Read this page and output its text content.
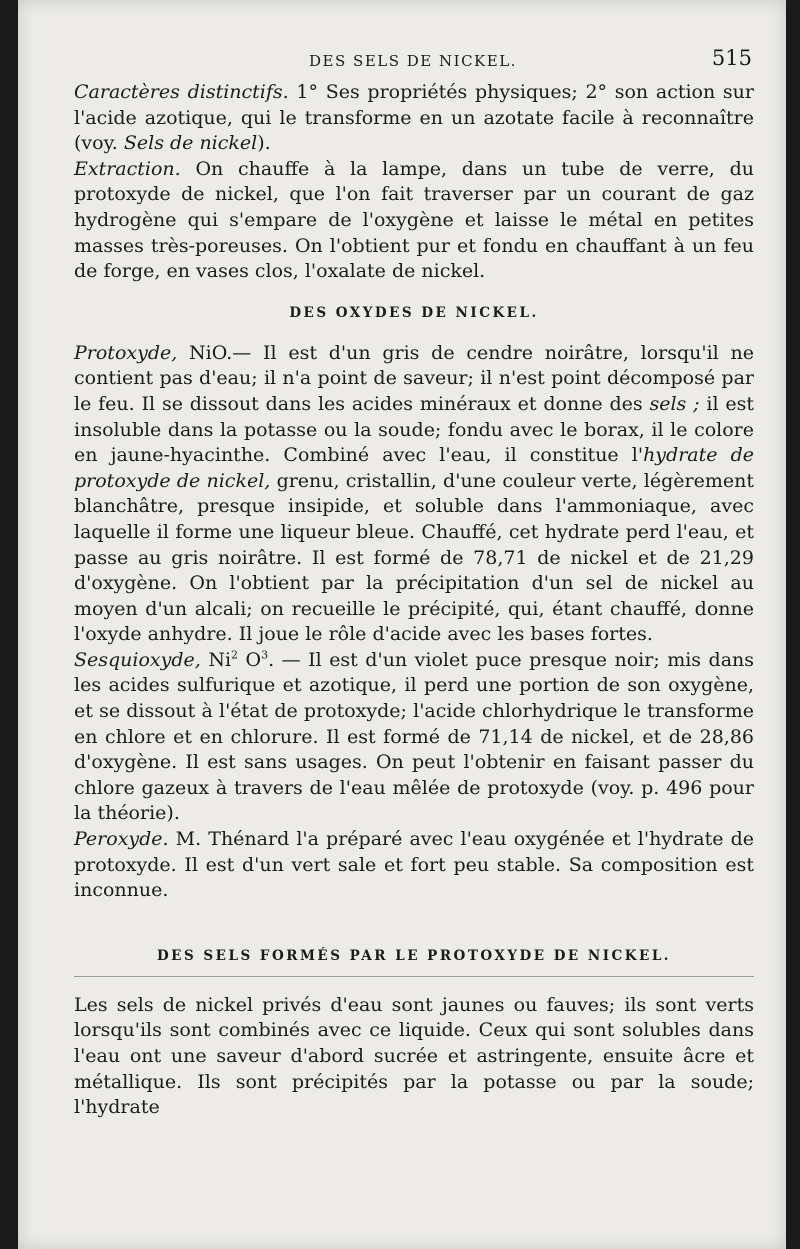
DES SELS DE NICKEL.	515

Caractères distinctifs. 1° Ses propriétés physiques; 2° son action sur l'acide azotique, qui le transforme en un azotate facile à reconnaître (voy. Sels de nickel).

Extraction. On chauffe à la lampe, dans un tube de verre, du protoxyde de nickel, que l'on fait traverser par un courant de gaz hydrogène qui s'empare de l'oxygène et laisse le métal en petites masses très-poreuses. On l'obtient pur et fondu en chauffant à un feu de forge, en vases clos, l'oxalate de nickel.

DES OXYDES DE NICKEL.

Protoxyde, NiO.— Il est d'un gris de cendre noirâtre, lorsqu'il ne contient pas d'eau; il n'a point de saveur; il n'est point décomposé par le feu. Il se dissout dans les acides minéraux et donne des sels ; il est insoluble dans la potasse ou la soude; fondu avec le borax, il le colore en jaune-hyacinthe. Combiné avec l'eau, il constitue l'hydrate de protoxyde de nickel, grenu, cristallin, d'une couleur verte, légèrement blanchâtre, presque insipide, et soluble dans l'ammoniaque, avec laquelle il forme une liqueur bleue. Chauffé, cet hydrate perd l'eau, et passe au gris noirâtre. Il est formé de 78,71 de nickel et de 21,29 d'oxygène. On l'obtient par la précipitation d'un sel de nickel au moyen d'un alcali; on recueille le précipité, qui, étant chauffé, donne l'oxyde anhydre. Il joue le rôle d'acide avec les bases fortes.

Sesquioxyde, Ni$^2$ $O^3$. — Il est d'un violet puce presque noir; mis dans les acides sulfurique et azotique, il perd une portion de son oxygène, et se dissout à l'état de protoxyde; l'acide chlorhydrique le transforme en chlore et en chlorure. Il est formé de 71,14 de nickel, et de 28,86 d'oxygène. Il est sans usages. On peut l'obtenir en faisant passer du chlore gazeux à travers de l'eau mêlée de protoxyde (voy. p. 496 pour la théorie).

Peroxyde. M. Thénard l'a préparé avec l'eau oxygénée et l'hydrate de protoxyde. Il est d'un vert sale et fort peu stable. Sa composition est inconnue.

DES SELS FORMÉS PAR LE PROTOXYDE DE NICKEL.

Les sels de nickel privés d'eau sont jaunes ou fauves; ils sont verts lorsqu'ils sont combinés avec ce liquide. Ceux qui sont solubles dans l'eau ont une saveur d'abord sucrée et astringente, ensuite âcre et métallique. Ils sont précipités par la potasse ou par la soude; l'hydrate
